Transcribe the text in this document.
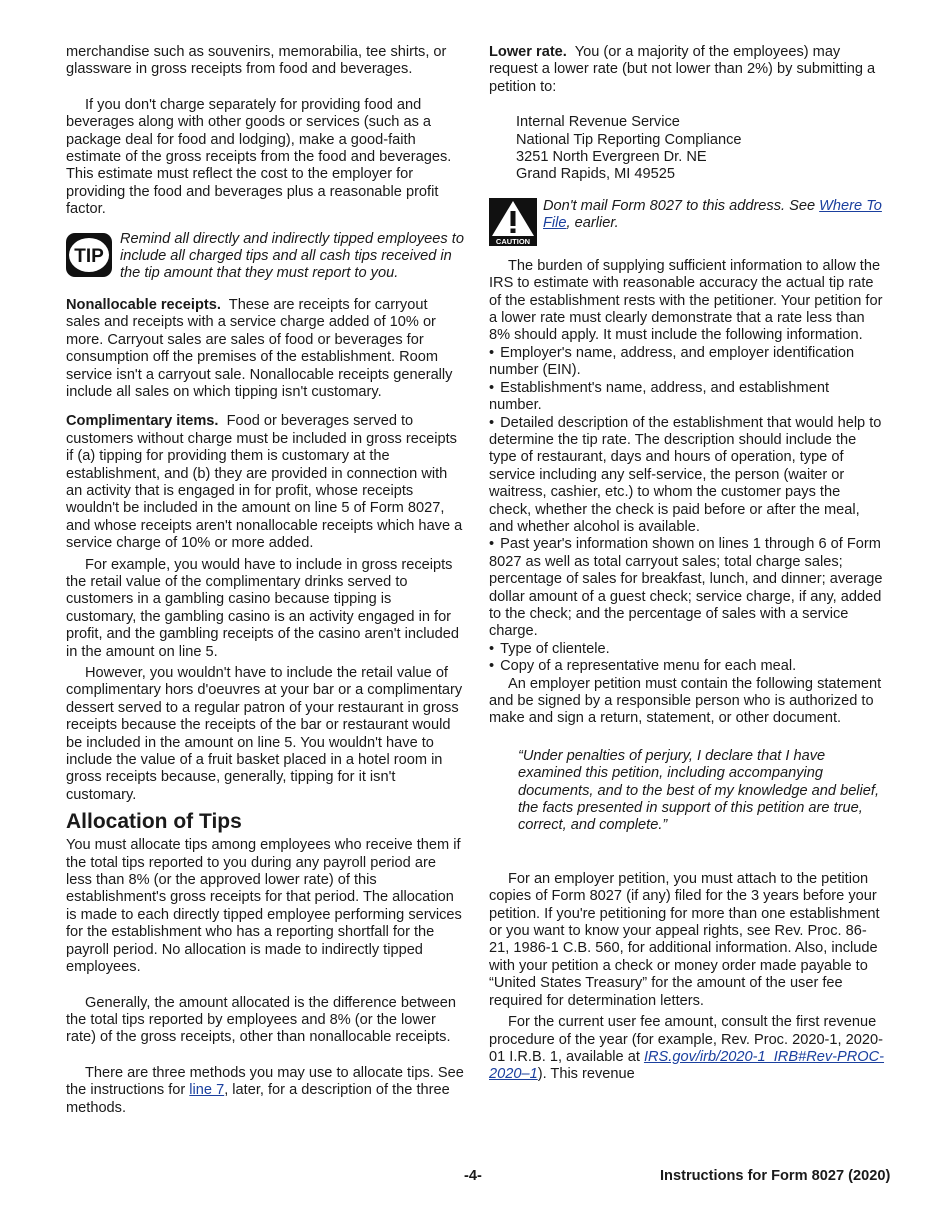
merchandise such as souvenirs, memorabilia, tee shirts, or glassware in gross receipts from food and beverages.

If you don't charge separately for providing food and beverages along with other goods or services (such as a package deal for food and lodging), make a good-faith estimate of the gross receipts from the food and beverages. This estimate must reflect the cost to the employer for providing the food and beverages plus a reasonable profit factor.

TIP
Remind all directly and indirectly tipped employees to include all charged tips and all cash tips received in the tip amount that they must report to you.

Nonallocable receipts. These are receipts for carryout sales and receipts with a service charge added of 10% or more. Carryout sales are sales of food or beverages for consumption off the premises of the establishment. Room service isn't a carryout sale. Nonallocable receipts generally include all sales on which tipping isn't customary.

Complimentary items. Food or beverages served to customers without charge must be included in gross receipts if (a) tipping for providing them is customary at the establishment, and (b) they are provided in connection with an activity that is engaged in for profit, whose receipts wouldn't be included in the amount on line 5 of Form 8027, and whose receipts aren't nonallocable receipts which have a service charge of 10% or more added.

For example, you would have to include in gross receipts the retail value of the complimentary drinks served to customers in a gambling casino because tipping is customary, the gambling casino is an activity engaged in for profit, and the gambling receipts of the casino aren't included in the amount on line 5.

However, you wouldn't have to include the retail value of complimentary hors d'oeuvres at your bar or a complimentary dessert served to a regular patron of your restaurant in gross receipts because the receipts of the bar or restaurant would be included in the amount on line 5. You wouldn't have to include the value of a fruit basket placed in a hotel room in gross receipts because, generally, tipping for it isn't customary.

Allocation of Tips

You must allocate tips among employees who receive them if the total tips reported to you during any payroll period are less than 8% (or the approved lower rate) of this establishment's gross receipts for that period. The allocation is made to each directly tipped employee performing services for the establishment who has a reporting shortfall for the payroll period. No allocation is made to indirectly tipped employees.

Generally, the amount allocated is the difference between the total tips reported by employees and 8% (or the lower rate) of the gross receipts, other than nonallocable receipts.

There are three methods you may use to allocate tips. See the instructions for line 7, later, for a description of the three methods.

Lower rate. You (or a majority of the employees) may request a lower rate (but not lower than 2%) by submitting a petition to:

Internal Revenue Service
National Tip Reporting Compliance
3251 North Evergreen Dr. NE
Grand Rapids, MI 49525
CAUTION
Don't mail Form 8027 to this address. See Where To File, earlier.

The burden of supplying sufficient information to allow the IRS to estimate with reasonable accuracy the actual tip rate of the establishment rests with the petitioner. Your petition for a lower rate must clearly demonstrate that a rate less than 8% should apply. It must include the following information.

• Employer's name, address, and employer identification number (EIN).

• Establishment's name, address, and establishment number.

• Detailed description of the establishment that would help to determine the tip rate. The description should include the type of restaurant, days and hours of operation, type of service including any self-service, the person (waiter or waitress, cashier, etc.) to whom the customer pays the check, whether the check is paid before or after the meal, and whether alcohol is available.

• Past year's information shown on lines 1 through 6 of Form 8027 as well as total carryout sales; total charge sales; percentage of sales for breakfast, lunch, and dinner; average dollar amount of a guest check; service charge, if any, added to the check; and the percentage of sales with a service charge.

• Type of clientele.

• Copy of a representative menu for each meal.

An employer petition must contain the following statement and be signed by a responsible person who is authorized to make and sign a return, statement, or other document.

“Under penalties of perjury, I declare that I have examined this petition, including accompanying documents, and to the best of my knowledge and belief, the facts presented in support of this petition are true, correct, and complete.”

For an employer petition, you must attach to the petition copies of Form 8027 (if any) filed for the 3 years before your petition. If you're petitioning for more than one establishment or you want to know your appeal rights, see Rev. Proc. 86-21, 1986-1 C.B. 560, for additional information. Also, include with your petition a check or money order made payable to “United States Treasury” for the amount of the user fee required for determination letters.

For the current user fee amount, consult the first revenue procedure of the year (for example, Rev. Proc. 2020-1, 2020-01 I.R.B. 1, available at IRS.gov/irb/2020-1_IRB#Rev-PROC-2020–1). This revenue

-4-	Instructions for Form 8027 (2020)
